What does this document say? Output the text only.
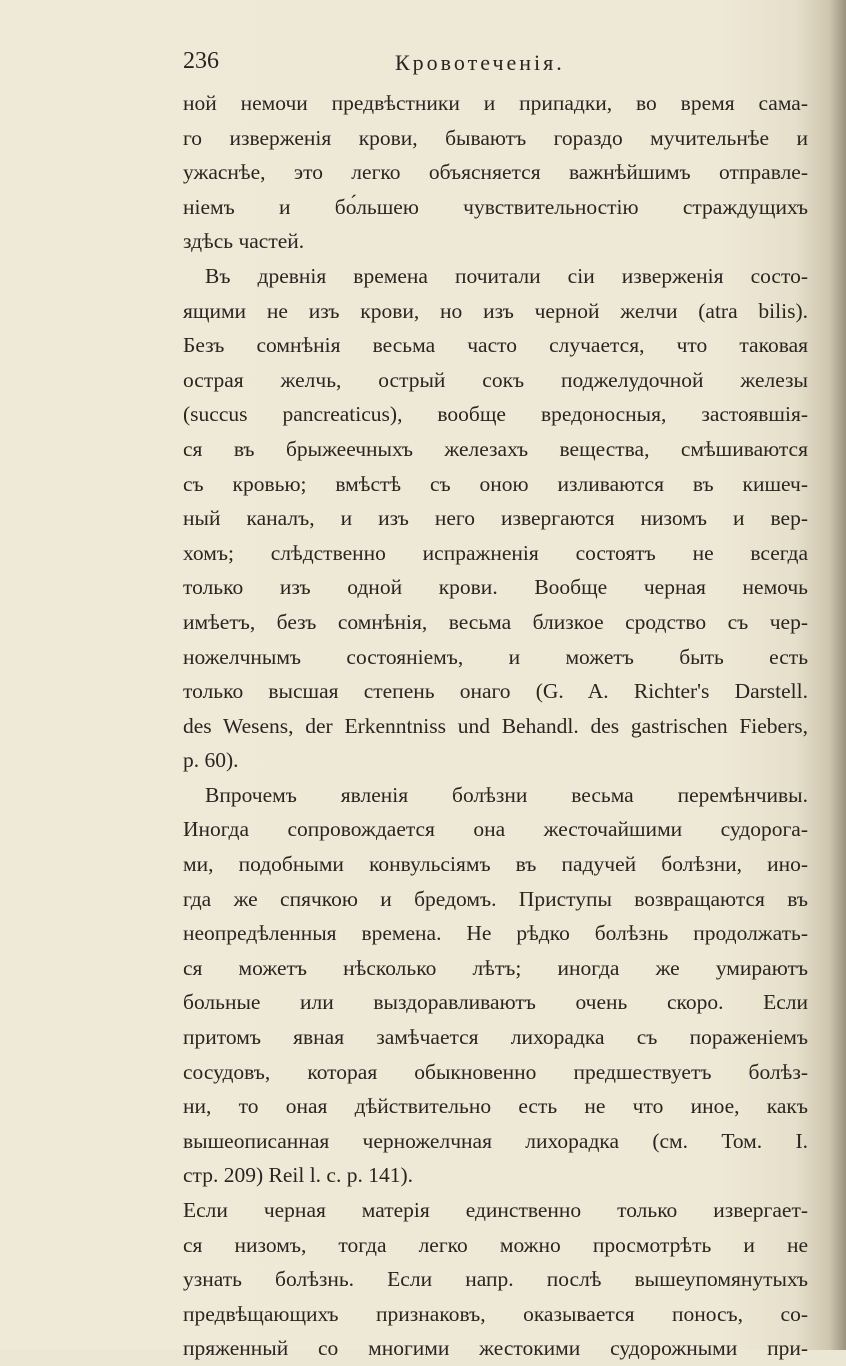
236	Кровотеченія.
ной немочи предвѣстники и припадки, во время сама-
го изверженія крови, бываютъ гораздо мучительнѣе и
ужаснѣе, это легко объясняется важнѣйшимъ отправле-
ніемъ и бо́льшею чувствительностію страждущихъ
здѣсь частей.
Въ древнія времена почитали сіи изверженія состо-
ящими не изъ крови, но изъ черной желчи (atra bilis).
Безъ сомнѣнія весьма часто случается, что таковая
острая желчь, острый сокъ поджелудочной железы
(succus pancreaticus), вообще вредоносныя, застоявшія-
ся въ брыжеечныхъ железахъ вещества, смѣшиваются
съ кровью; вмѣстѣ съ оною изливаются въ кишеч-
ный каналъ, и изъ него извергаются низомъ и вер-
хомъ; слѣдственно испражненія состоятъ не всегда
только изъ одной крови. Вообще черная немочь
имѣетъ, безъ сомнѣнія, весьма близкое сродство съ чер-
ножелчнымъ состояніемъ, и можетъ быть есть
только высшая степень онаго (G. A. Richter's Darstell.
des Wesens, der Erkenntniss und Behandl. des gastrischen Fiebers,
p. 60).
Впрочемъ явленія болѣзни весьма перемѣнчивы.
Иногда сопровождается она жесточайшими судорога-
ми, подобными конвульсіямъ въ падучей болѣзни, ино-
гда же спячкою и бредомъ. Приступы возвращаются въ
неопредѣленныя времена. Не рѣдко болѣзнь продолжать-
ся можетъ нѣсколько лѣтъ; иногда же умираютъ
больные или выздоравливаютъ очень скоро. Если
притомъ явная замѣчается лихорадка съ пораженіемъ
сосудовъ, которая обыкновенно предшествуетъ болѣз-
ни, то оная дѣйствительно есть не что иное, какъ
вышеописанная черножелчная лихорадка (см. Том. I.
стр. 209) Reil l. c. p. 141).
Если черная матерія единственно только извергает-
ся низомъ, тогда легко можно просмотрѣть и не
узнать болѣзнь. Если напр. послѣ вышеупомянутыхъ
предвѣщающихъ признаковъ, оказывается поносъ, со-
пряженный со многими жестокими судорожными при-
